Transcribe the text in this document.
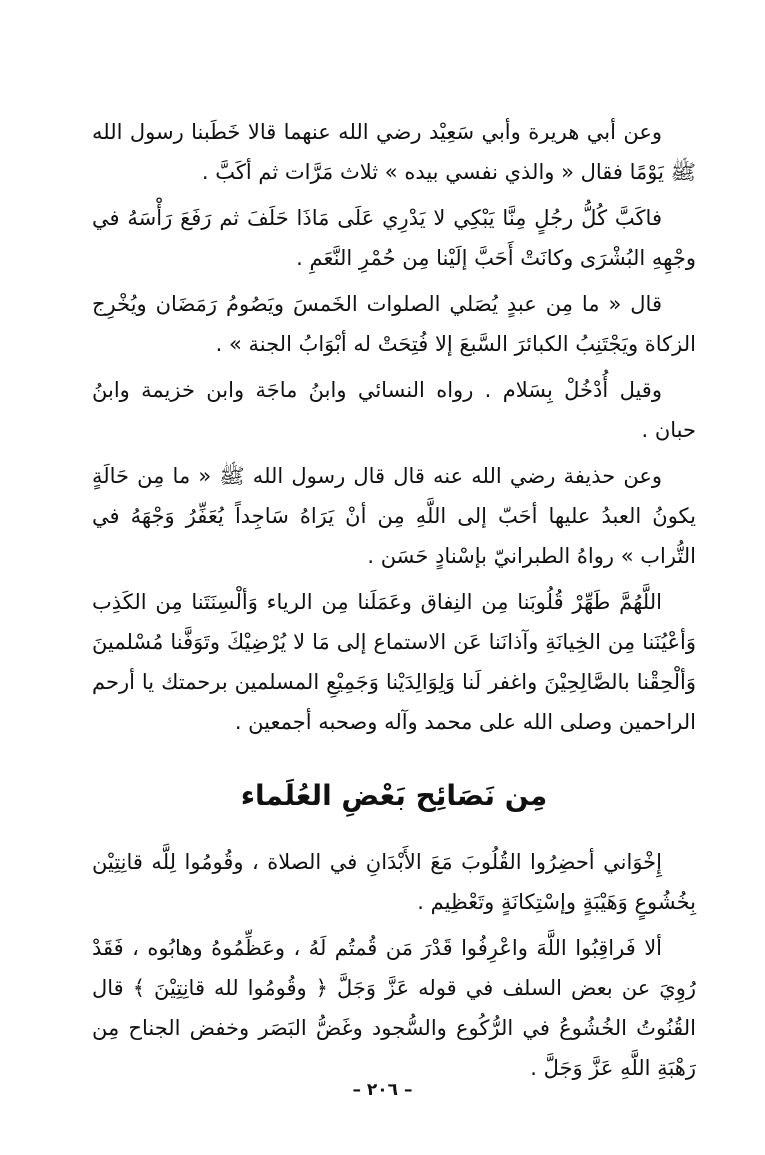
وعن أبي هريرة وأبي سَعِيْد رضي الله عنهما قالا خَطَبنا رسول الله ﷺ يَوْمًا فقال « والذي نفسي بيده » ثلاث مَرَّات ثم أكَبَّ .

فاكَبَّ كُلُّ رجُلٍ مِنَّا يَبْكِي لا يَدْرِي عَلَى مَاذَا حَلَفَ ثم رَفَعَ رَأْسَهُ في وجْهِهِ البُشْرَى وكانَتْ أَحَبَّ إلَيْنا مِن حُمْرِ النَّعَمِ .

قال « ما مِن عبدٍ يُصَلي الصلوات الخَمسَ ويَصُومُ رَمَضَان ويُخْرِج الزكاة ويَجْتَنِبُ الكبائرَ السَّبعَ إلا فُتِحَتْ له أبْوَابُ الجنة » .

وقيل أُدْخُلْ بِسَلام . رواه النسائي وابنُ ماجَة وابن خزيمة وابنُ حبان .

وعن حذيفة رضي الله عنه قال قال رسول الله ﷺ « ما مِن حَالَةٍ يكونُ العبدُ عليها أحَبّ إلى اللَّهِ مِن أنْ يَرَاهُ سَاجِداً يُعَفِّرُ وَجْهَهُ في التُّراب » رواهُ الطبرانيّ بإسْنادٍ حَسَن .

اللَّهُمَّ طَهِّرْ قُلُوبَنا مِن النِفاق وعَمَلَنا مِن الرياء وَألْسِنَتَنا مِن الكَذِب وَأعْيُنَنا مِن الخِيانَةِ وآذانَنا عَن الاستماع إلى مَا لا يُرْضِيْكَ وتَوَفَّنا مُسْلمينَ وَألْحِقْنا بالصَّالِحِيْنَ واغفر لَنا وَلِوَالِدَيْنا وَجَمِيْعِ المسلمين برحمتك يا أرحم الراحمين وصلى الله على محمد وآله وصحبه أجمعين .

مِن نَصَائِح بَعْضِ العُلَماء

إِخْوَاني أحضِرُوا القُلُوبَ مَعَ الأَبْدَانِ في الصلاة ، وقُومُوا لِلَّه قانِتِيْن بِخُشُوعٍ وَهَيْبَةٍ وإسْتِكانَةٍ وتَعْظِيم .

ألا فَراقِبُوا اللَّهَ واعْرِفُوا قَدْرَ مَن قُمتُم لَهُ ، وعَظِّمُوهُ وهابُوه ، فَقَدْ رُوِيَ عن بعض السلف في قوله عَزَّ وَجَلَّ ﴿ وقُومُوا لله قانِتِيْنَ ﴾ قال القُنُوتُ الخُشُوعُ في الرُّكُوع والسُّجود وغَضُّ البَصَر وخفض الجناح مِن رَهْبَةِ اللَّهِ عَزَّ وَجَلَّ .

– ٢٠٦ –
